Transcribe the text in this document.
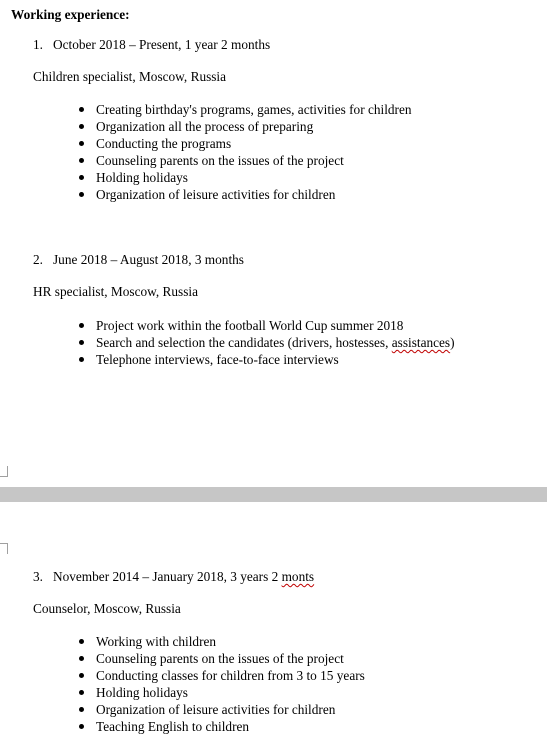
Working experience:
1. October 2018 – Present, 1 year 2 months
Children specialist, Moscow, Russia
Creating birthday's programs, games, activities for children
Organization all the process of preparing
Conducting the programs
Counseling parents on the issues of the project
Holding holidays
Organization of leisure activities for children
2. June 2018 – August 2018, 3 months
HR specialist, Moscow, Russia
Project work within the football World Cup summer 2018
Search and selection the candidates (drivers, hostesses, assistances)
Telephone interviews, face-to-face interviews
3. November 2014 – January 2018, 3 years 2 monts
Counselor, Moscow, Russia
Working with children
Counseling parents on the issues of the project
Conducting classes for children from 3 to 15 years
Holding holidays
Organization of leisure activities for children
Teaching English to children
